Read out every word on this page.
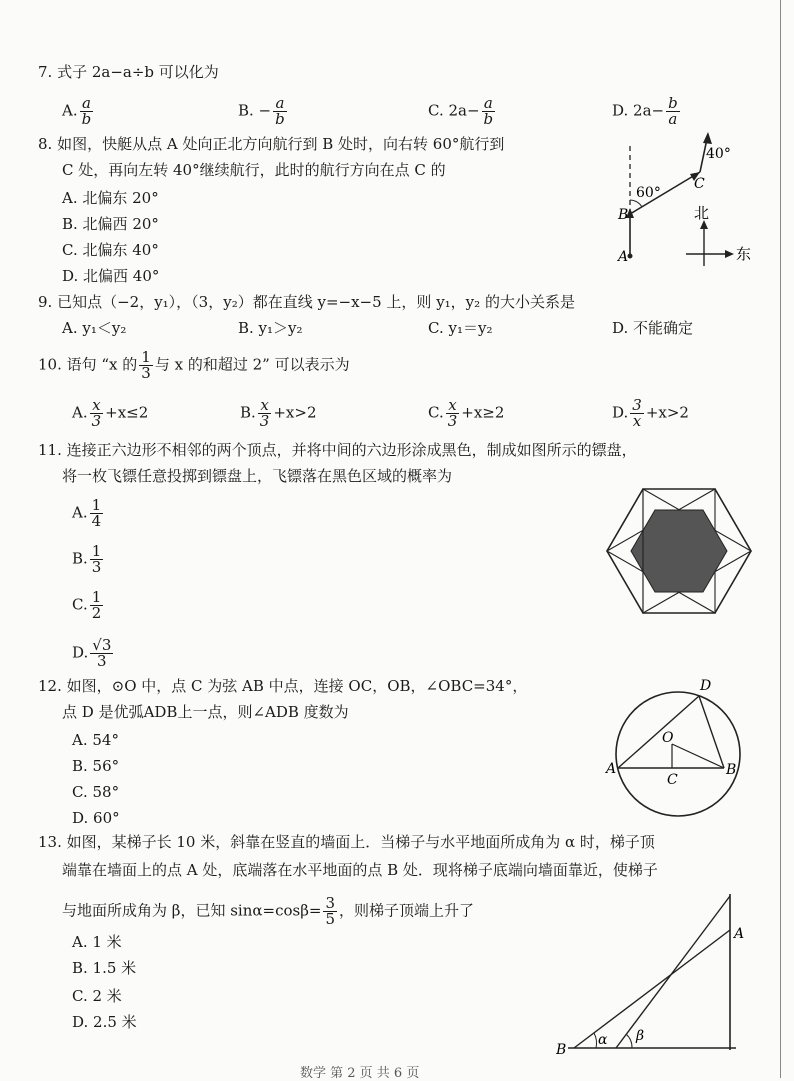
7. 式子 2a−a÷b 可以化为
A. $\frac{a}{b}$	B. − $\frac{a}{b}$	C. $2a- \frac{a}{b}$	D. $2a- \frac{b}{a}$
8. 如图，快艇从点 A 处向正北方向航行到 B 处时，向右转 60°航行到
C 处，再向左转 40°继续航行，此时的航行方向在点 C 的
A. 北偏东 20°
B. 北偏西 20°
C. 北偏东 40°
D. 北偏西 40°
60°
40°
A
B
C
北
东
9. 已知点（−2，y₁），（3，y₂）都在直线 y=−x−5 上，则 y₁，y₂ 的大小关系是
A. y₁＜y₂	B. y₁＞y₂	C. y₁＝y₂	D. 不能确定
10. 语句 “x 的 $\frac{1}{3}$ 与 x 的和超过 2” 可以表示为
A. $\frac{x}{3} +x\le 2$	B. $\frac{x}{3} +x>2$	C. $\frac{x}{3} +x\ge 2$	D. $\frac{3}{x} +x>2$
11. 连接正六边形不相邻的两个顶点，并将中间的六边形涂成黑色，制成如图所示的镖盘，
将一枚飞镖任意投掷到镖盘上，飞镖落在黑色区域的概率为
A. $\frac{1}{4}$
B. $\frac{1}{3}$
C. $\frac{1}{2}$
D. $\frac{√3}{3}$
12. 如图，⊙O 中，点 C 为弦 AB 中点，连接 OC，OB，∠OBC=34°，
点 D 是优弧ADB上一点，则∠ADB 度数为
A. 54°
B. 56°
C. 58°
D. 60°
O
A	B
C
D
13. 如图，某梯子长 10 米，斜靠在竖直的墙面上．当梯子与水平地面所成角为 α 时，梯子顶
端靠在墙面上的点 A 处，底端落在水平地面的点 B 处．现将梯子底端向墙面靠近，使梯子
与地面所成角为 β，已知 $\sin\alpha=\cos\beta= \frac{3}{5}$ ，则梯子顶端上升了
A. 1 米
B. 1.5 米
C. 2 米
D. 2.5 米
B
A
α β
数学 第 2 页 共 6 页
